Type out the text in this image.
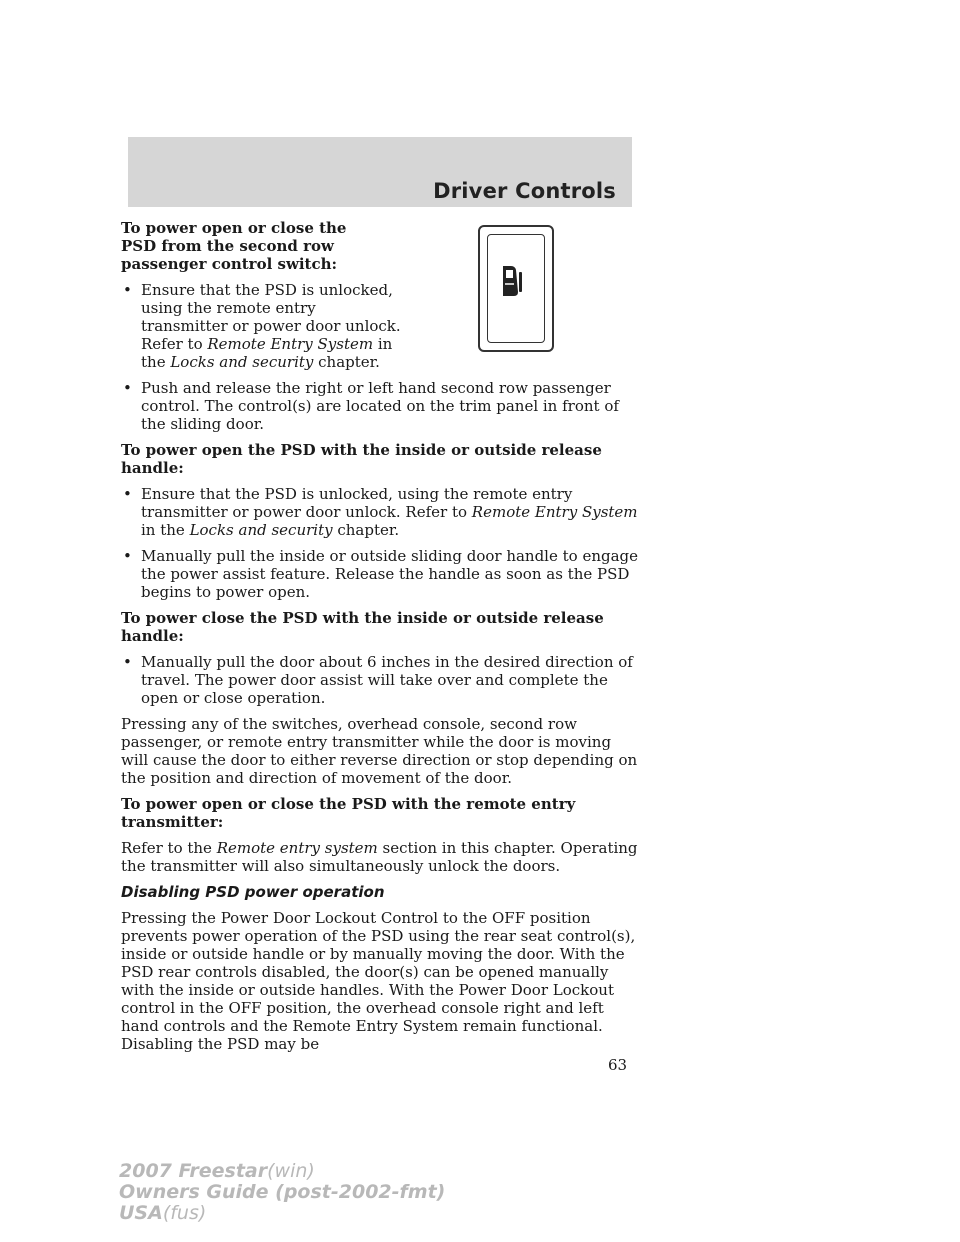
Driver Controls

To power open or close the PSD from the second row passenger control switch:

• Ensure that the PSD is unlocked, using the remote entry transmitter or power door unlock. Refer to Remote Entry System in the Locks and security chapter.
• Push and release the right or left hand second row passenger control. The control(s) are located on the trim panel in front of the sliding door.

To power open the PSD with the inside or outside release handle:

• Ensure that the PSD is unlocked, using the remote entry transmitter or power door unlock. Refer to Remote Entry System in the Locks and security chapter.
• Manually pull the inside or outside sliding door handle to engage the power assist feature. Release the handle as soon as the PSD begins to power open.

To power close the PSD with the inside or outside release handle:

• Manually pull the door about 6 inches in the desired direction of travel. The power door assist will take over and complete the open or close operation.

Pressing any of the switches, overhead console, second row passenger, or remote entry transmitter while the door is moving will cause the door to either reverse direction or stop depending on the position and direction of movement of the door.

To power open or close the PSD with the remote entry transmitter:

Refer to the Remote entry system section in this chapter. Operating the transmitter will also simultaneously unlock the doors.

Disabling PSD power operation

Pressing the Power Door Lockout Control to the OFF position prevents power operation of the PSD using the rear seat control(s), inside or outside handle or by manually moving the door. With the PSD rear controls disabled, the door(s) can be opened manually with the inside or outside handles. With the Power Door Lockout control in the OFF position, the overhead console right and left hand controls and the Remote Entry System remain functional. Disabling the PSD may be

63
2007 Freestar(win)
Owners Guide (post-2002-fmt)
USA(fus)
